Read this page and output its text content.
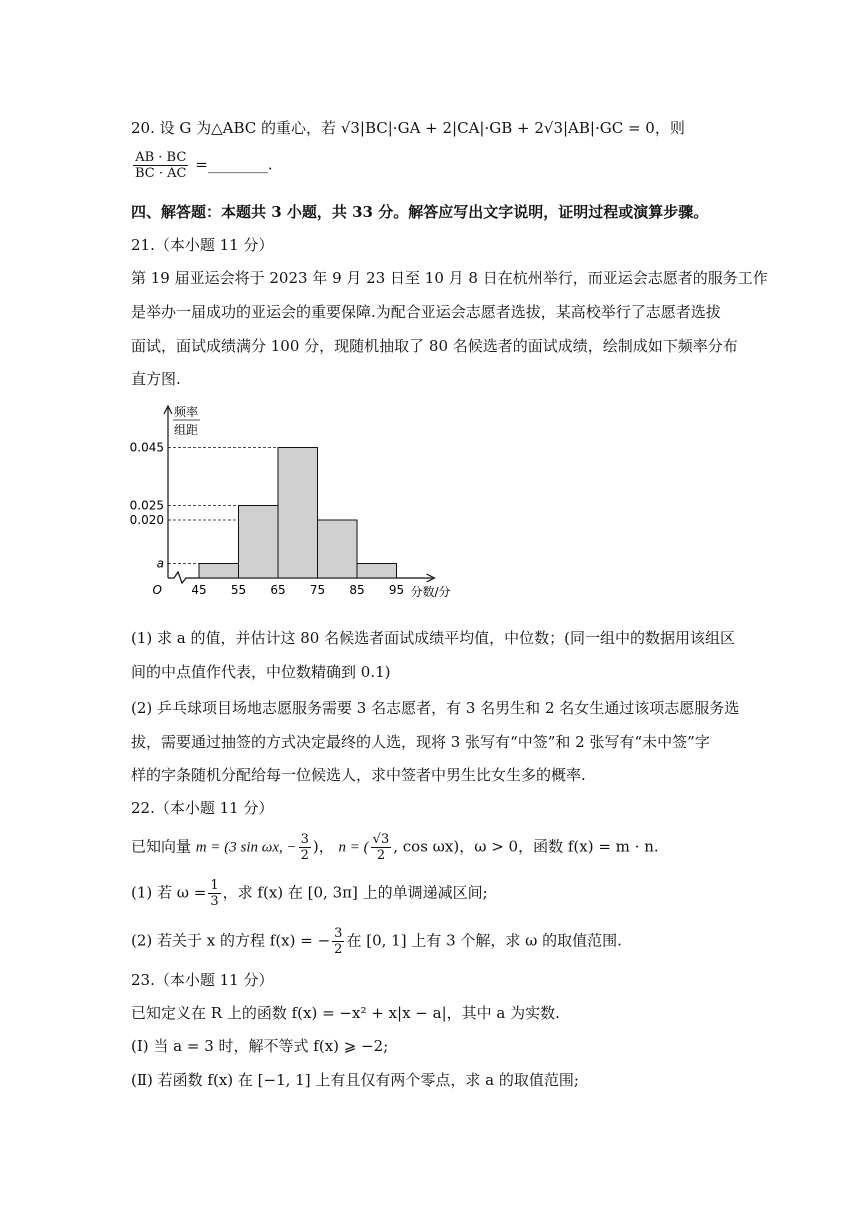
20. 设 G 为△ABC 的重心，若 √3|BC|·GA + 2|CA|·GB + 2√3|AB|·GC = 0，则
$\frac{AB \cdot BC}{BC \cdot AC}$ =________.
四、解答题：本题共 3 小题，共 33 分。解答应写出文字说明，证明过程或演算步骤。
21.（本小题 11 分）
第 19 届亚运会将于 2023 年 9 月 23 日至 10 月 8 日在杭州举行，而亚运会志愿者的服务工作
是举办一届成功的亚运会的重要保障.为配合亚运会志愿者选拔，某高校举行了志愿者选拔
面试，面试成绩满分 100 分，现随机抽取了 80 名候选者的面试成绩，绘制成如下频率分布
直方图.
频率
组距
0.045
0.025
0.020
a
45 55 65 75 85 95
O	分数/分
(1) 求 a 的值，并估计这 80 名候选者面试成绩平均值，中位数；(同一组中的数据用该组区
间的中点值作代表，中位数精确到 0.1)
(2) 乒乓球项目场地志愿服务需要 3 名志愿者，有 3 名男生和 2 名女生通过该项志愿服务选
拔，需要通过抽签的方式决定最终的人选，现将 3 张写有“中签”和 2 张写有“未中签”字
样的字条随机分配给每一位候选人，求中签者中男生比女生多的概率.
22.（本小题 11 分）
已知向量 m = (3 sin ωx, − $\frac{3}{2}$ )， n = ( $\frac{√3}{2}$ , cos ωx)，ω > 0，函数 f(x) = m · n.
(1) 若 $\omega = \frac{1}{3}$ ，求 f(x) 在 [0, 3π] 上的单调递减区间;
(2) 若关于 x 的方程 f(x) = − $\frac{3}{2}$ 在 [0, 1] 上有 3 个解，求 ω 的取值范围.
23.（本小题 11 分）
已知定义在 R 上的函数 f(x) = −x² + x|x − a|，其中 a 为实数.
(Ⅰ) 当 a = 3 时，解不等式 f(x) ⩾ −2;
(Ⅱ) 若函数 f(x) 在 [−1, 1] 上有且仅有两个零点，求 a 的取值范围;
